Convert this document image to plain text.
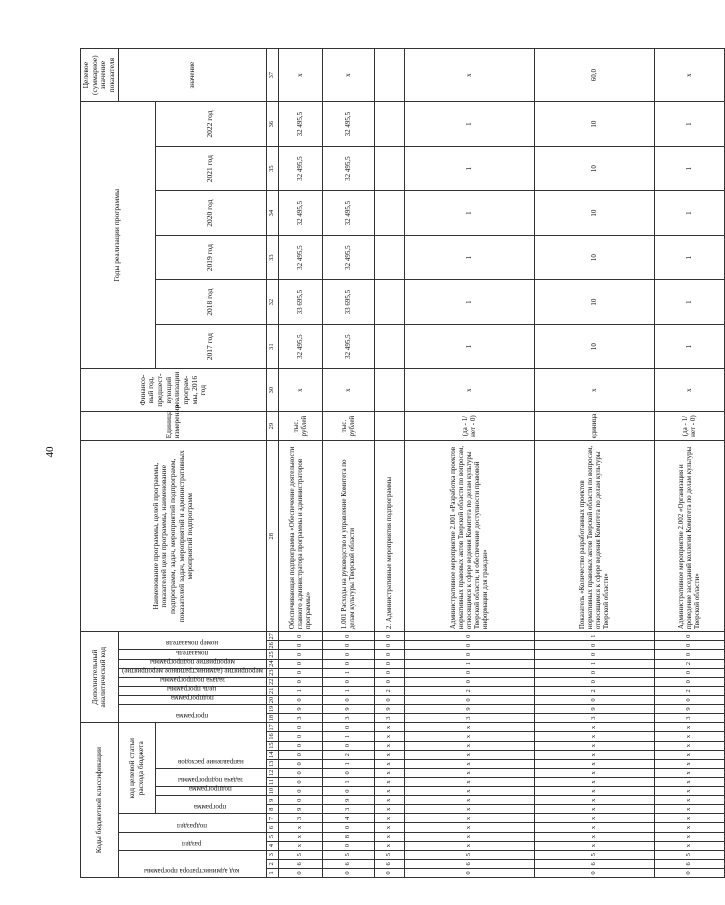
40
Коды бюджетной классификации																	Дополнительный аналитический код										Наименование программы, целей программы, показателей цели программы, наименование подпрограмм, задач, мероприятий подпрограмм, показателей задач, мероприятий и административных мероприятий подпрограмм	Единица измерения	Финансо-вый год, предшест-вующий реализации програм-мы, 2016 год	Годы реализации программы						Целевое (суммарное) значение показателя

код администратора программы			раздел		подраздел		код целевой статьи расхода бюджета										программа		подпрограмма	цель программы	задача подпрограммы	мероприятие (административное мероприятие)	мероприятие подпрограммы	показатель	номер показателя											значение

							программа		подпрограмма	задача подпрограммы		направление расходов																		2017 год	2018 год	2019 год	2020 год	2021 год	2022 год	
1	2	3	4	5	6	7	8	9	10	11	12	13	14	15	16	17	18	19	20	21	22	23	24	25	26	27	28	29	30	31	32	33	34	35	36	37
0	6	5	х	х	х	3	9	0	0	0	0	0	0	0	0	0	3	9	0	1	0	0	0	0	0	0	Обеспечивающая подпрограмма «Обеспечение деятельности главного администратора программы и администраторов программы»	тыс. рублей	х	32 495,5	33 695,5	32 495,5	32 495,5	32 495,5	32 495,5	х
0	6	5	0	8	0	4	3	9	0	1	0	1	2	0	1	0	3	9	0	1	0	1	0	0	0	0	1.001 Расходы на руководство и управление Комитета по делам культуры Тверской области	тыс. рублей	х	32 495,5	33 695,5	32 495,5	32 495,5	32 495,5	32 495,5	х
0	6	5	х	х	х	х	х	х	х	х	х	х	х	х	х	х	3	9	0	2	0	0	0	0	0	0	2. Административные мероприятия подпрограммы									
0	6	5	х	х	х	х	х	х	х	х	х	х	х	х	х	х	3	9	0	2	0	0	1	0	0	0	Административное мероприятие 2.001 «Разработка проектов нормативных правовых актов Тверской области по вопросам, относящимся к сфере ведения Комитета по делам культуры Тверской области, и обеспечение доступности правовой информации для граждан»	(да - 1/ нет - 0)	х	1	1	1	1	1	1	х
0	6	5	х	х	х	х	х	х	х	х	х	х	х	х	х	х	3	9	0	2	0	0	1	0	0	1	Показатель «Количество разработанных проектов нормативных правовых актов Тверской области по вопросам, относящимся к сфере ведения Комитета по делам культуры Тверской области»	единица	х	10	10	10	10	10	10	60,0
0	6	5	х	х	х	х	х	х	х	х	х	х	х	х	х	х	3	9	0	2	0	0	2	0	0	0	Административное мероприятие 2.002 «Организация и проведение заседаний коллегии Комитета по делам культуры Тверской области»	(да - 1/ нет - 0)	х	1	1	1	1	1	1	х
